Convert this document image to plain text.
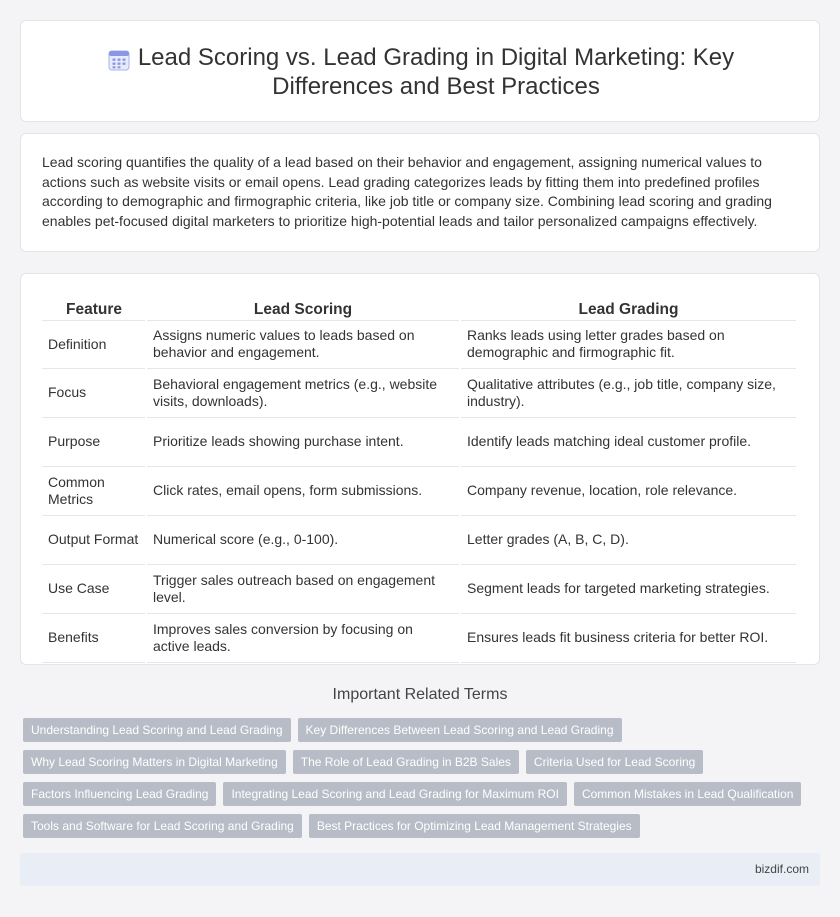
Lead Scoring vs. Lead Grading in Digital Marketing: Key Differences and Best Practices

Lead scoring quantifies the quality of a lead based on their behavior and engagement, assigning numerical values to actions such as website visits or email opens. Lead grading categorizes leads by fitting them into predefined profiles according to demographic and firmographic criteria, like job title or company size. Combining lead scoring and grading enables pet-focused digital marketers to prioritize high-potential leads and tailor personalized campaigns effectively.

Feature	Lead Scoring	Lead Grading
Definition	Assigns numeric values to leads based on behavior and engagement.	Ranks leads using letter grades based on demographic and firmographic fit.
Focus	Behavioral engagement metrics (e.g., website visits, downloads).	Qualitative attributes (e.g., job title, company size, industry).
Purpose	Prioritize leads showing purchase intent.	Identify leads matching ideal customer profile.
Common Metrics	Click rates, email opens, form submissions.	Company revenue, location, role relevance.
Output Format	Numerical score (e.g., 0-100).	Letter grades (A, B, C, D).
Use Case	Trigger sales outreach based on engagement level.	Segment leads for targeted marketing strategies.
Benefits	Improves sales conversion by focusing on active leads.	Ensures leads fit business criteria for better ROI.
Important Related Terms
Understanding Lead Scoring and Lead Grading	Key Differences Between Lead Scoring and Lead Grading
Why Lead Scoring Matters in Digital Marketing	The Role of Lead Grading in B2B Sales	Criteria Used for Lead Scoring
Factors Influencing Lead Grading	Integrating Lead Scoring and Lead Grading for Maximum ROI	Common Mistakes in Lead Qualification
Tools and Software for Lead Scoring and Grading	Best Practices for Optimizing Lead Management Strategies
bizdif.com
